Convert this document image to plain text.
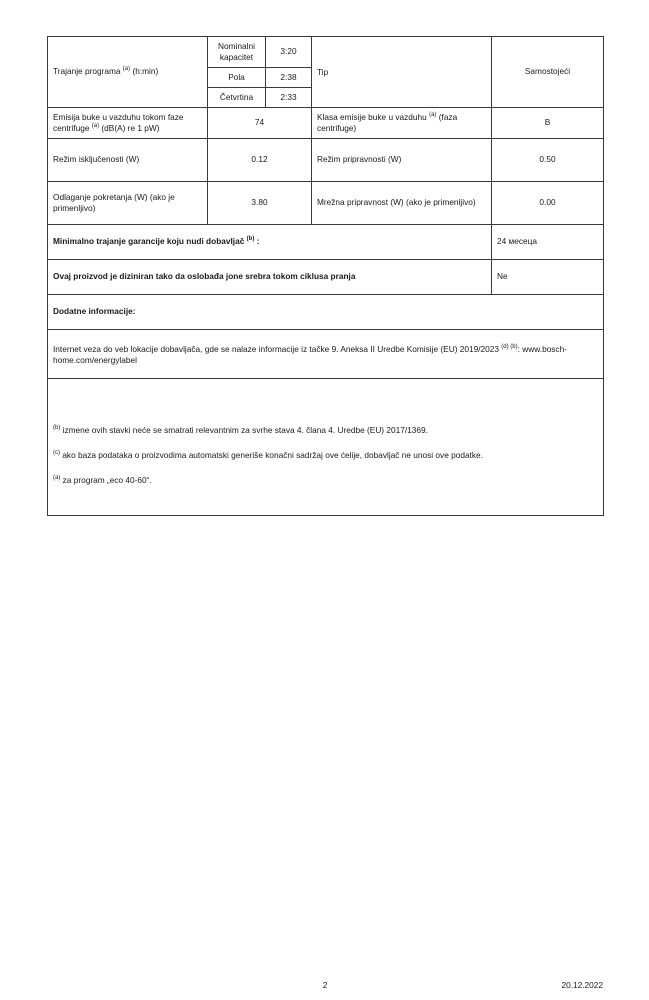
Trajanje programa $^{(a)}$ (h:min)	Nominalni kapacitet	3:20	Tip	Samostojeći
	Pola	2:38		
	Četvrtina	2:33		
Emisija buke u vazduhu tokom faze centrifuge $^{(a)}$ (dB(A) re 1 pW)	74		Klasa emisije buke u vazduhu $^{(a)}$ (faza centrifuge)	B
Režim isključenosti (W)	0.12		Režim pripravnosti (W)	0.50
Odlaganje pokretanja (W) (ako je primenljivo)	3.80		Mrežna pripravnost (W) (ako je primenljivo)	0.00
Minimalno trajanje garancije koju nudi dobavljač $^{(b)}$ :				24 мeceцa
Ovaj proizvod je diziniran tako da oslobađa jone srebra tokom ciklusa pranja				Ne
Dodatne informacije:				
Internet veza do veb lokacije dobavljača, gde se nalaze informacije iz tačke 9. Aneksa II Uredbe Komisije (EU) 2019/2023 $^{(d) (b)}$: www.bosch-home.com/energylabel				

$^{(b)}$ izmene ovih stavki neće se smatrati relevantnim za svrhe stava 4. člana 4. Uredbe (EU) 2017/1369.

$^{(c)}$ ako baza podataka o proizvodima automatski generiše konačni sadržaj ove ćelije, dobavljač ne unosi ove podatke.

$^{(a)}$ za program „eco 40-60“.				

2	20.12.2022
